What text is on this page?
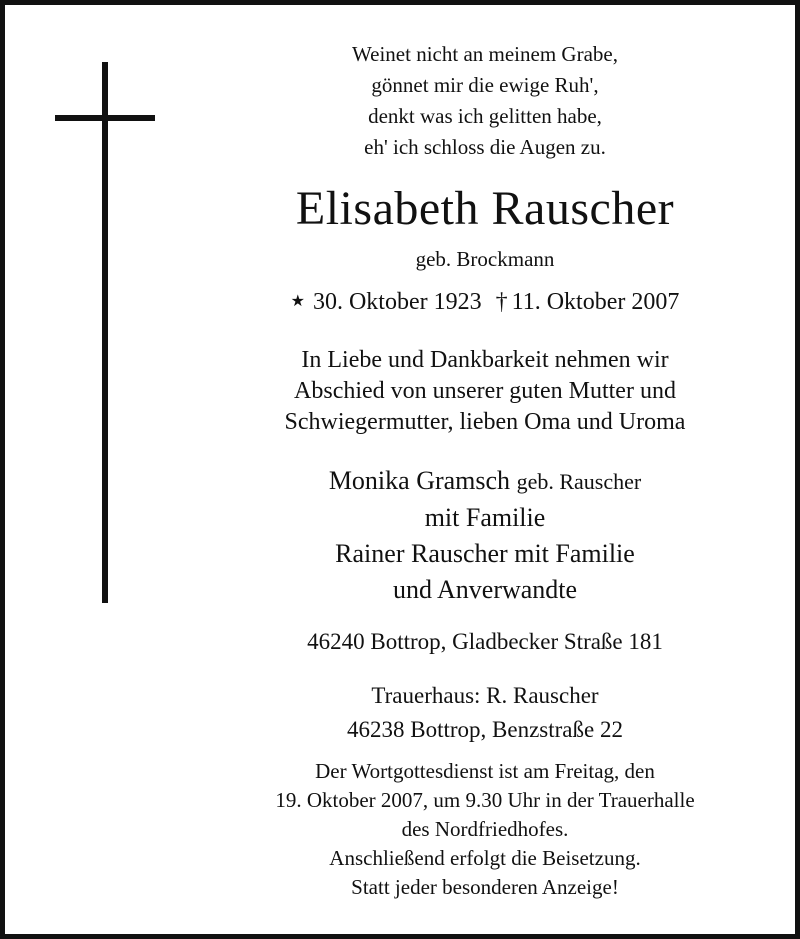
Weinet nicht an meinem Grabe,
gönnet mir die ewige Ruh',
denkt was ich gelitten habe,
eh' ich schloss die Augen zu.
Elisabeth Rauscher
geb. Brockmann
★ 30. Oktober 1923 † 11. Oktober 2007
In Liebe und Dankbarkeit nehmen wir
Abschied von unserer guten Mutter und
Schwiegermutter, lieben Oma und Uroma
Monika Gramsch geb. Rauscher
mit Familie
Rainer Rauscher mit Familie
und Anverwandte
46240 Bottrop, Gladbecker Straße 181
Trauerhaus: R. Rauscher
46238 Bottrop, Benzstraße 22
Der Wortgottesdienst ist am Freitag, den
19. Oktober 2007, um 9.30 Uhr in der Trauerhalle
des Nordfriedhofes.
Anschließend erfolgt die Beisetzung.
Statt jeder besonderen Anzeige!
